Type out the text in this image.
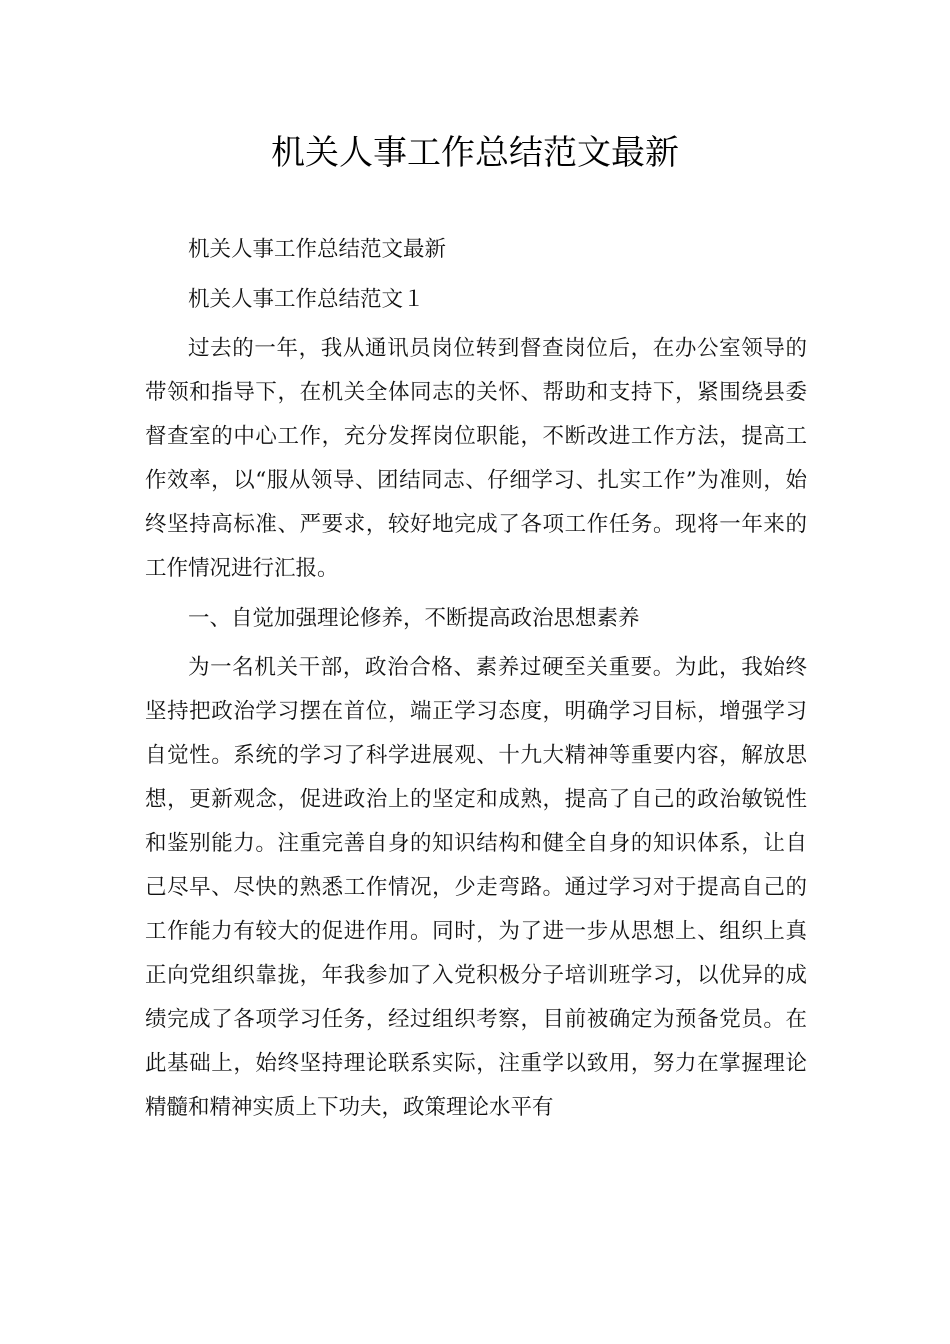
机关人事工作总结范文最新

机关人事工作总结范文最新

机关人事工作总结范文１

过去的一年，我从通讯员岗位转到督查岗位后，在办公室领导的带领和指导下，在机关全体同志的关怀、帮助和支持下，紧围绕县委督查室的中心工作，充分发挥岗位职能，不断改进工作方法，提高工作效率，以“服从领导、团结同志、仔细学习、扎实工作”为准则，始终坚持高标准、严要求，较好地完成了各项工作任务。现将一年来的工作情况进行汇报。

一、自觉加强理论修养，不断提高政治思想素养

为一名机关干部，政治合格、素养过硬至关重要。为此，我始终坚持把政治学习摆在首位，端正学习态度，明确学习目标，增强学习自觉性。系统的学习了科学进展观、十九大精神等重要内容，解放思想，更新观念，促进政治上的坚定和成熟，提高了自己的政治敏锐性和鉴别能力。注重完善自身的知识结构和健全自身的知识体系，让自己尽早、尽快的熟悉工作情况，少走弯路。通过学习对于提高自己的工作能力有较大的促进作用。同时，为了进一步从思想上、组织上真正向党组织靠拢，年我参加了入党积极分子培训班学习，以优异的成绩完成了各项学习任务，经过组织考察，目前被确定为预备党员。在此基础上，始终坚持理论联系实际，注重学以致用，努力在掌握理论精髓和精神实质上下功夫，政策理论水平有
